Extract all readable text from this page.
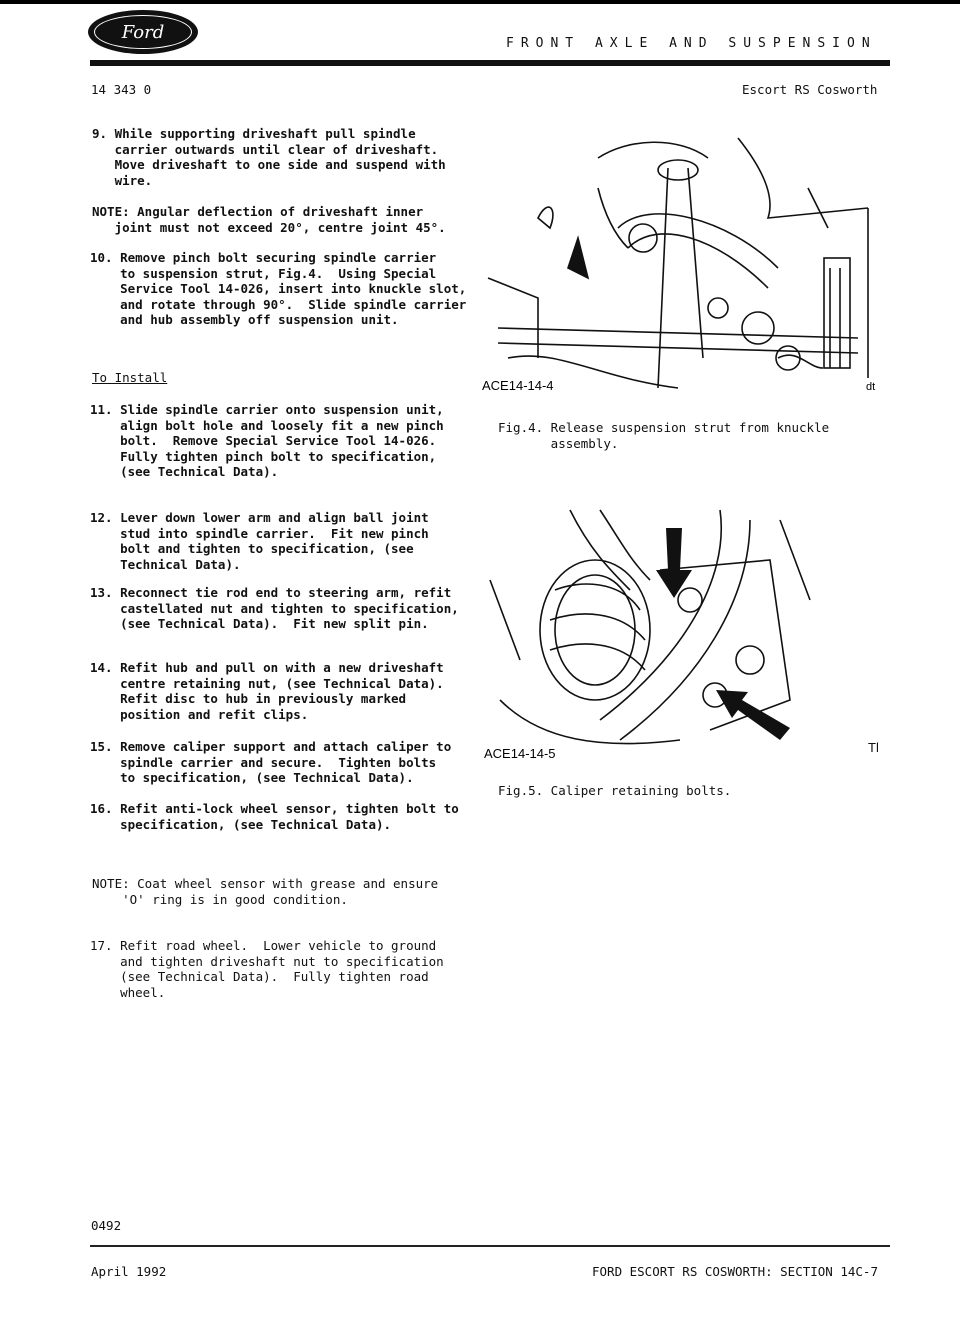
Ford
FRONT AXLE AND SUSPENSION
14 343 0	Escort RS Cosworth
9. While supporting driveshaft pull spindle
carrier outwards until clear of driveshaft.
Move driveshaft to one side and suspend with
wire.
NOTE: Angular deflection of driveshaft inner
joint must not exceed 20°, centre joint 45°.
10. Remove pinch bolt securing spindle carrier
to suspension strut, Fig.4.  Using Special
Service Tool 14-026, insert into knuckle slot,
and rotate through 90°.  Slide spindle carrier
and hub assembly off suspension unit.
To Install
11. Slide spindle carrier onto suspension unit,
align bolt hole and loosely fit a new pinch
bolt.  Remove Special Service Tool 14-026.
Fully tighten pinch bolt to specification,
(see Technical Data).
12. Lever down lower arm and align ball joint
stud into spindle carrier.  Fit new pinch
bolt and tighten to specification, (see
Technical Data).
13. Reconnect tie rod end to steering arm, refit
castellated nut and tighten to specification,
(see Technical Data).  Fit new split pin.
14. Refit hub and pull on with a new driveshaft
centre retaining nut, (see Technical Data).
Refit disc to hub in previously marked
position and refit clips.
15. Remove caliper support and attach caliper to
spindle carrier and secure.  Tighten bolts
to specification, (see Technical Data).
16. Refit anti-lock wheel sensor, tighten bolt to
specification, (see Technical Data).
NOTE: Coat wheel sensor with grease and ensure
'O' ring is in good condition.
17. Refit road wheel.  Lower vehicle to ground
and tighten driveshaft nut to specification
(see Technical Data).  Fully tighten road
wheel.
ACE14-14-4	dt
Fig.4. Release suspension strut from knuckle
assembly.
ACE14-14-5	Tl
Fig.5. Caliper retaining bolts.
0492
April 1992	FORD ESCORT RS COSWORTH: SECTION 14C-7
